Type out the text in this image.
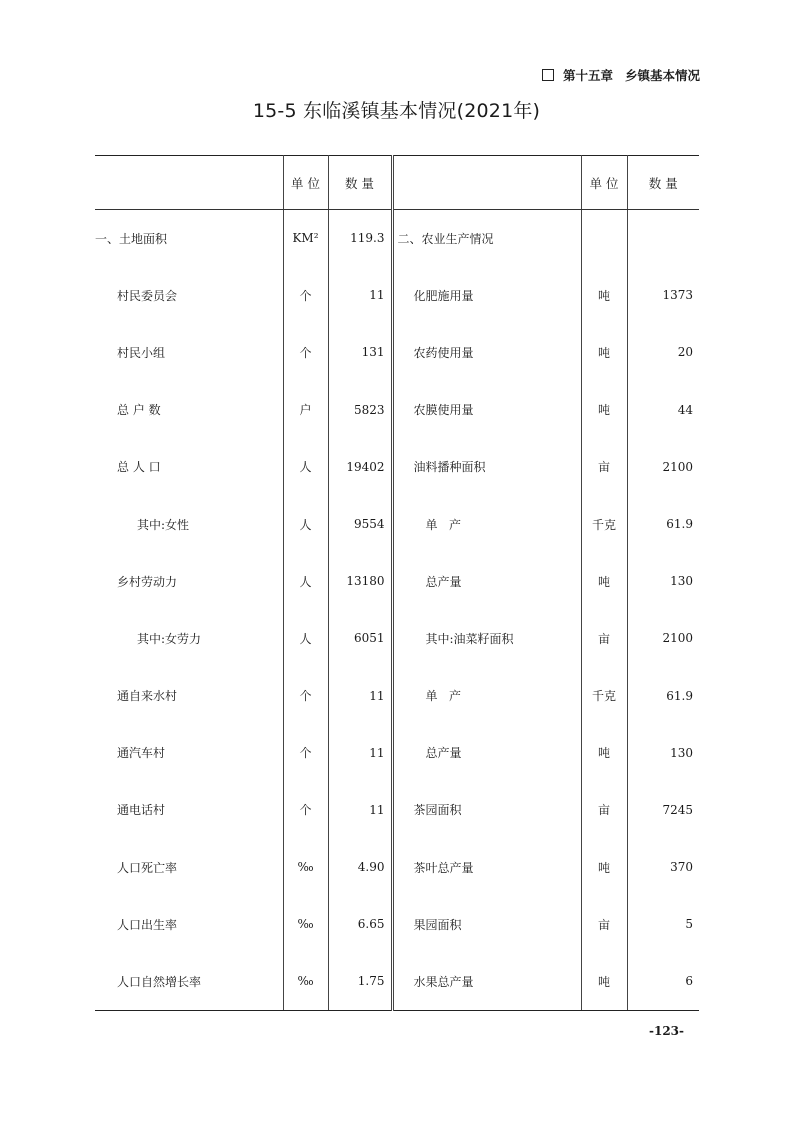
第十五章 乡镇基本情况
15-5 东临溪镇基本情况(2021年)
	单 位	数 量		单 位	数 量
一、土地面积	KM²	119.3	二、农业生产情况		
村民委员会	个	11	化肥施用量	吨	1373
村民小组	个	131	农药使用量	吨	20
总 户 数	户	5823	农膜使用量	吨	44
总 人 口	人	19402	油料播种面积	亩	2100
其中:女性	人	9554	单   产	千克	61.9
乡村劳动力	人	13180	总产量	吨	130
其中:女劳力	人	6051	其中:油菜籽面积	亩	2100
通自来水村	个	11	单   产	千克	61.9
通汽车村	个	11	总产量	吨	130
通电话村	个	11	茶园面积	亩	7245
人口死亡率	‰	4.90	茶叶总产量	吨	370
人口出生率	‰	6.65	果园面积	亩	5
人口自然增长率	‰	1.75	水果总产量	吨	6
-123-
